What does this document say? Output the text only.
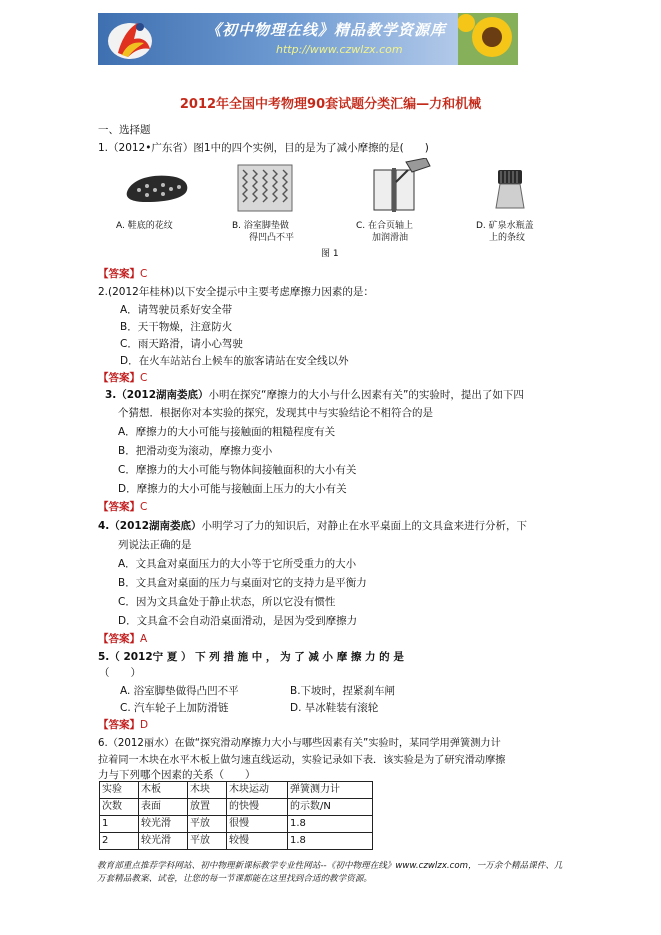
《初中物理在线》精品教学资源库
http://www.czwlzx.com
2012年全国中考物理90套试题分类汇编—力和机械
一、选择题
1.（2012•广东省）图1中的四个实例，目的是为了减小摩擦的是(　　)
A. 鞋底的花纹	B. 浴室脚垫做
得凹凸不平
C. 在合页轴上
加润滑油
D. 矿泉水瓶盖
上的条纹
图 1
【答案】C
2.(2012年桂林)以下安全提示中主要考虑摩擦力因素的是：
A．请驾驶员系好安全带
B．天干物燥，注意防火
C．雨天路滑，请小心驾驶
D．在火车站站台上候车的旅客请站在安全线以外
【答案】C
3.（2012湖南娄底）小明在探究“摩擦力的大小与什么因素有关”的实验时，提出了如下四
个猜想．根据你对本实验的探究，发现其中与实验结论不相符合的是
A．摩擦力的大小可能与接触面的粗糙程度有关
B．把滑动变为滚动，摩擦力变小
C．摩擦力的大小可能与物体间接触面积的大小有关
D．摩擦力的大小可能与接触面上压力的大小有关
【答案】C
4.（2012湖南娄底）小明学习了力的知识后，对静止在水平桌面上的文具盒来进行分析，下
列说法正确的是
A．文具盒对桌面压力的大小等于它所受重力的大小
B．文具盒对桌面的压力与桌面对它的支持力是平衡力
C．因为文具盒处于静止状态，所以它没有惯性
D．文具盒不会自动沿桌面滑动，是因为受到摩擦力
【答案】A
5.（ 2012宁 夏 ） 下 列 措 施 中 ， 为 了 减 小 摩 擦 力 的 是
（　　）
A. 浴室脚垫做得凸凹不平	B.下坡时，捏紧刹车闸
C. 汽车轮子上加防滑链	D. 旱冰鞋装有滚轮
【答案】D
6.（2012丽水）在做“探究滑动摩擦力大小与哪些因素有关”实验时，某同学用弹簧测力计
拉着同一木块在水平木板上做匀速直线运动，实验记录如下表．该实验是为了研究滑动摩擦
力与下列哪个因素的关系（　　）
实验	木板	木块	木块运动	弹簧测力计
次数	表面	放置	的快慢	的示数/N
1	较光滑	平放	很慢	1.8
2	较光滑	平放	较慢	1.8
教育部重点推荐学科网站、初中物理新课标教学专业性网站--《初中物理在线》www.czwlzx.com，一万余个精品课件、几万套精品教案、试卷，让您的每一节课都能在这里找到合适的教学资源。
